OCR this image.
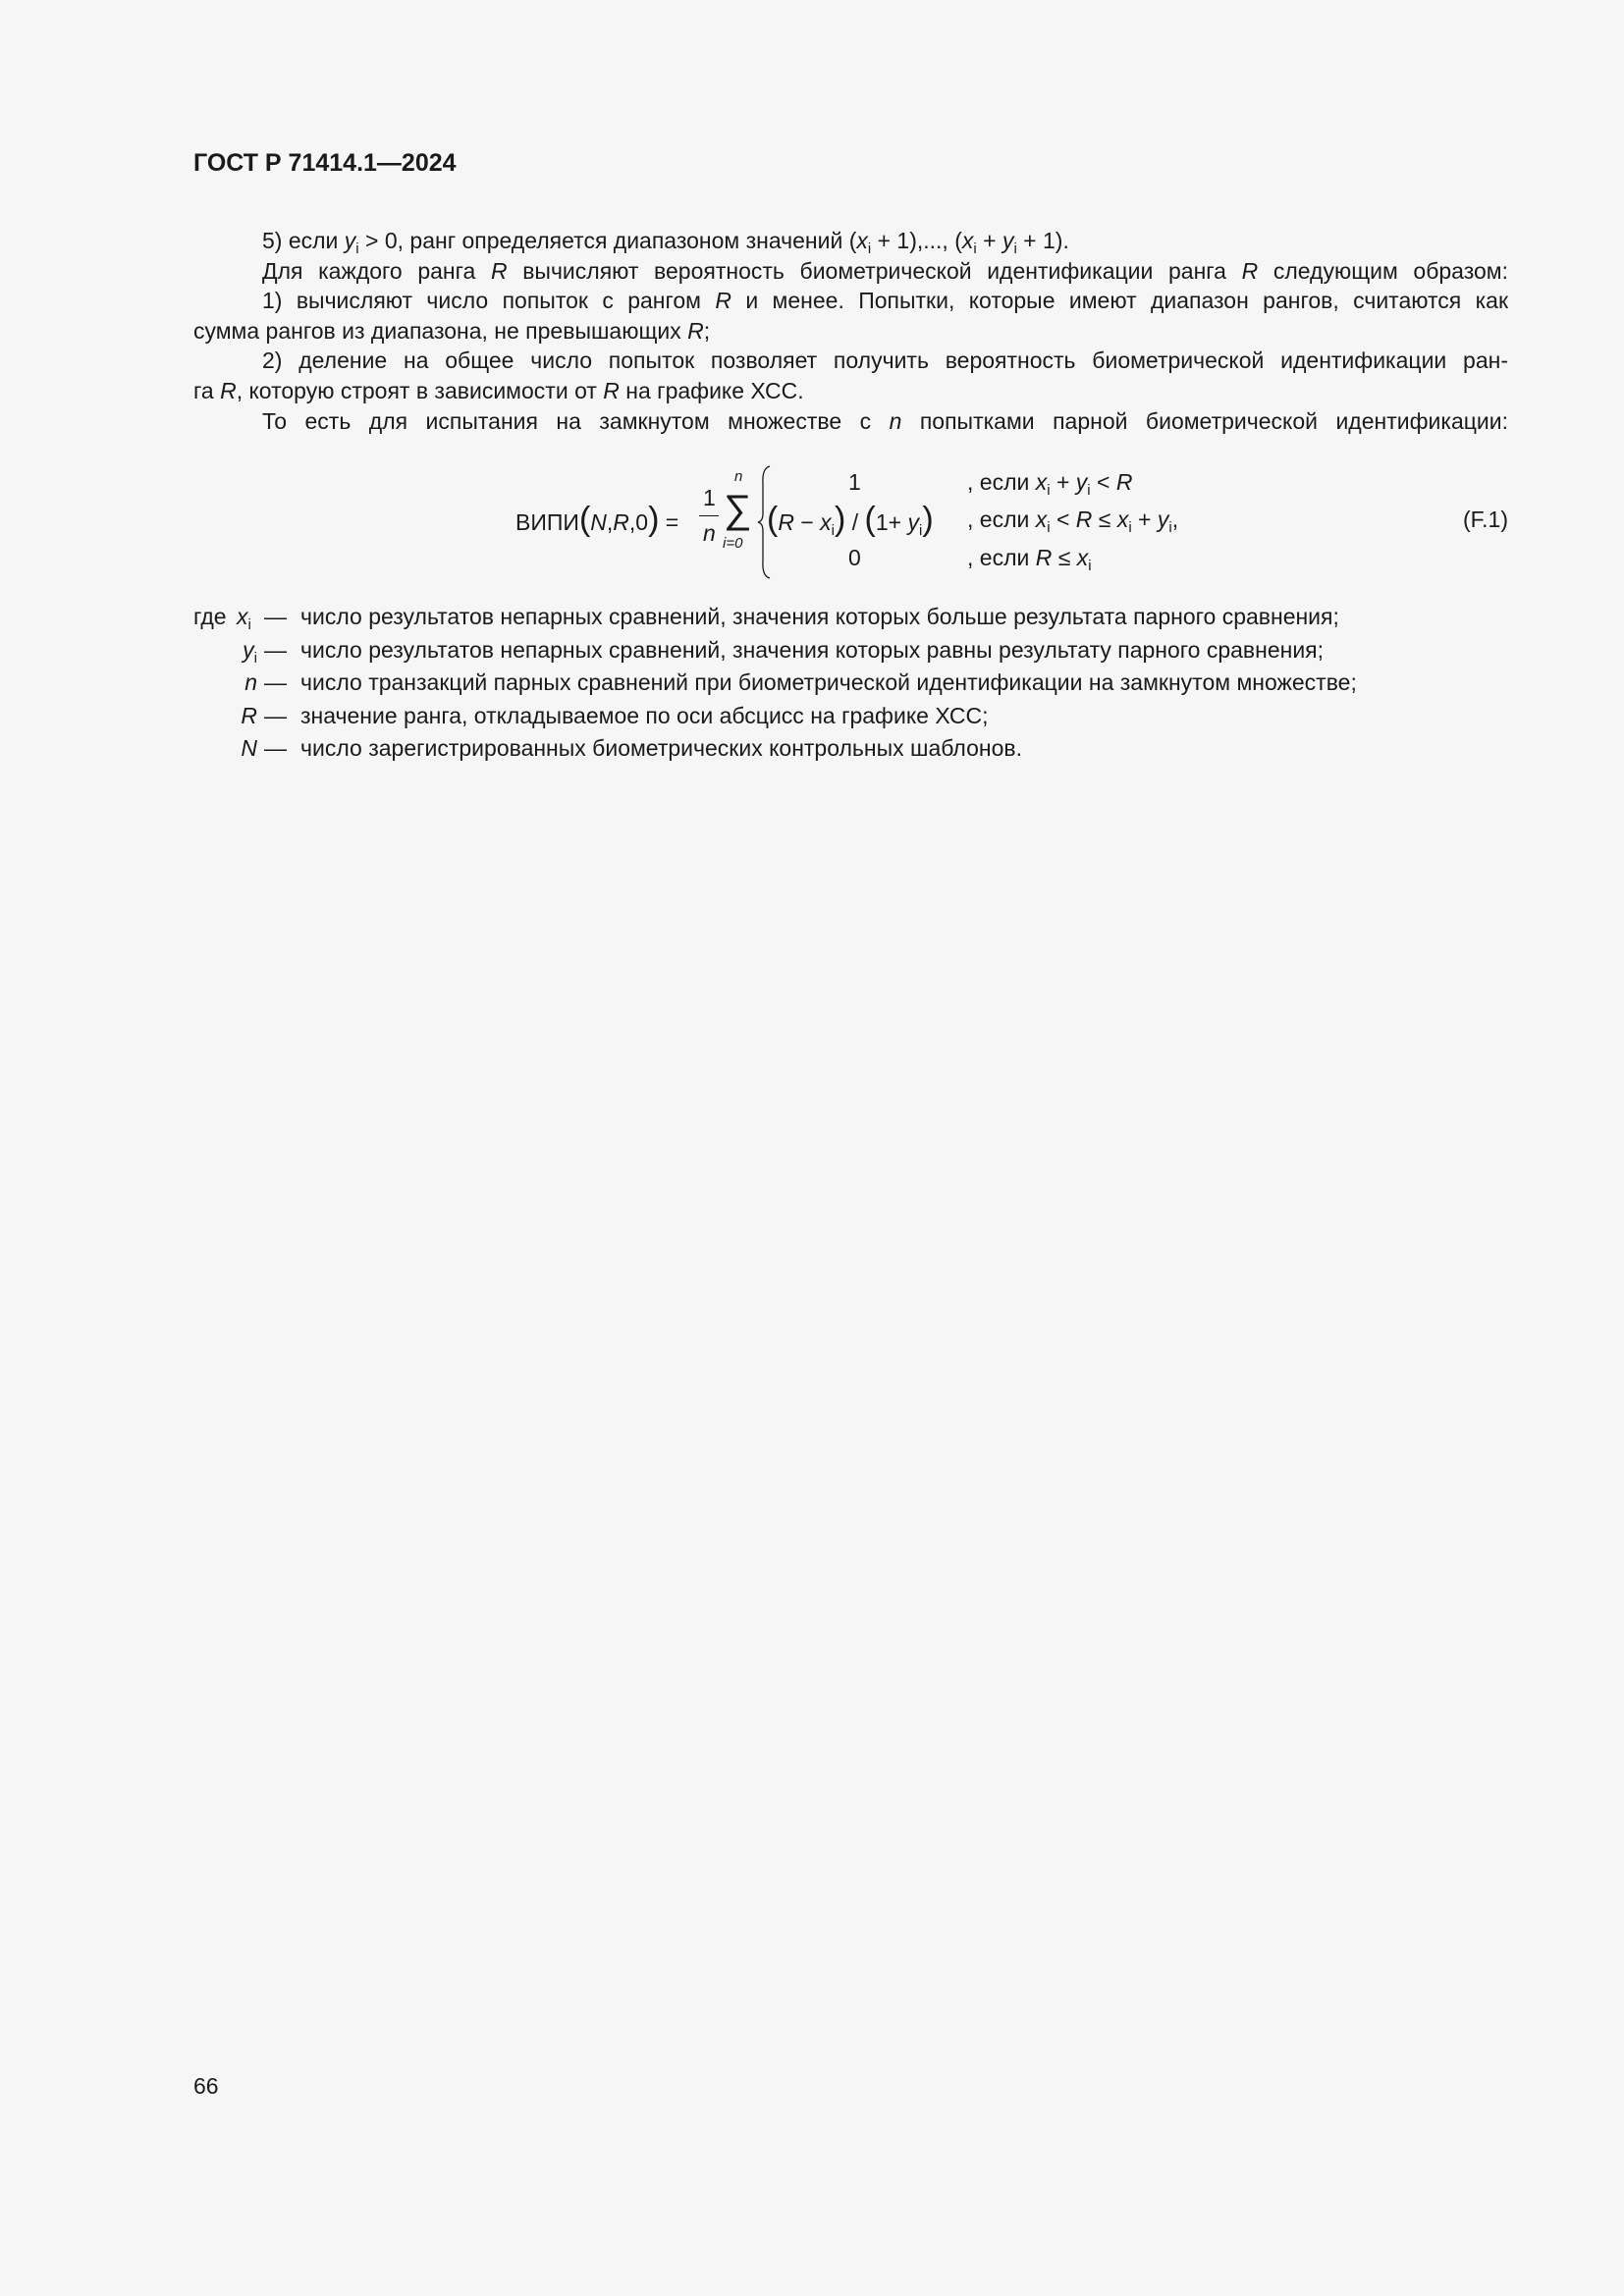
ГОСТ Р 71414.1—2024
5) если $y_i > 0$, ранг определяется диапазоном значений $(x_i + 1)$,..., $(x_i + y_i + 1)$.
Для каждого ранга R вычисляют вероятность биометрической идентификации ранга R следующим образом:
1) вычисляют число попыток с рангом R и менее. Попытки, которые имеют диапазон рангов, считаются как
сумма рангов из диапазона, не превышающих R;
2) деление на общее число попыток позволяет получить вероятность биометрической идентификации ран-
га R, которую строят в зависимости от R на графике ХСС.
То есть для испытания на замкнутом множестве с n попытками парной биометрической идентификации:
ВИПИ(N,R,0) =
1
n
n
∑
i=0
1	, если $x_i + y_i < R$
$(R - x_i) / (1+ y_i)$ , если $x_i < R \le x_i + y_i$,
0	, если $R \le x_i$
(F.1)
где $x_i$ — число результатов непарных сравнений, значения которых больше результата парного сравнения;
$y_i$ — число результатов непарных сравнений, значения которых равны результату парного сравнения;
n — число транзакций парных сравнений при биометрической идентификации на замкнутом множестве;
R — значение ранга, откладываемое по оси абсцисс на графике ХСС;
N — число зарегистрированных биометрических контрольных шаблонов.
66
